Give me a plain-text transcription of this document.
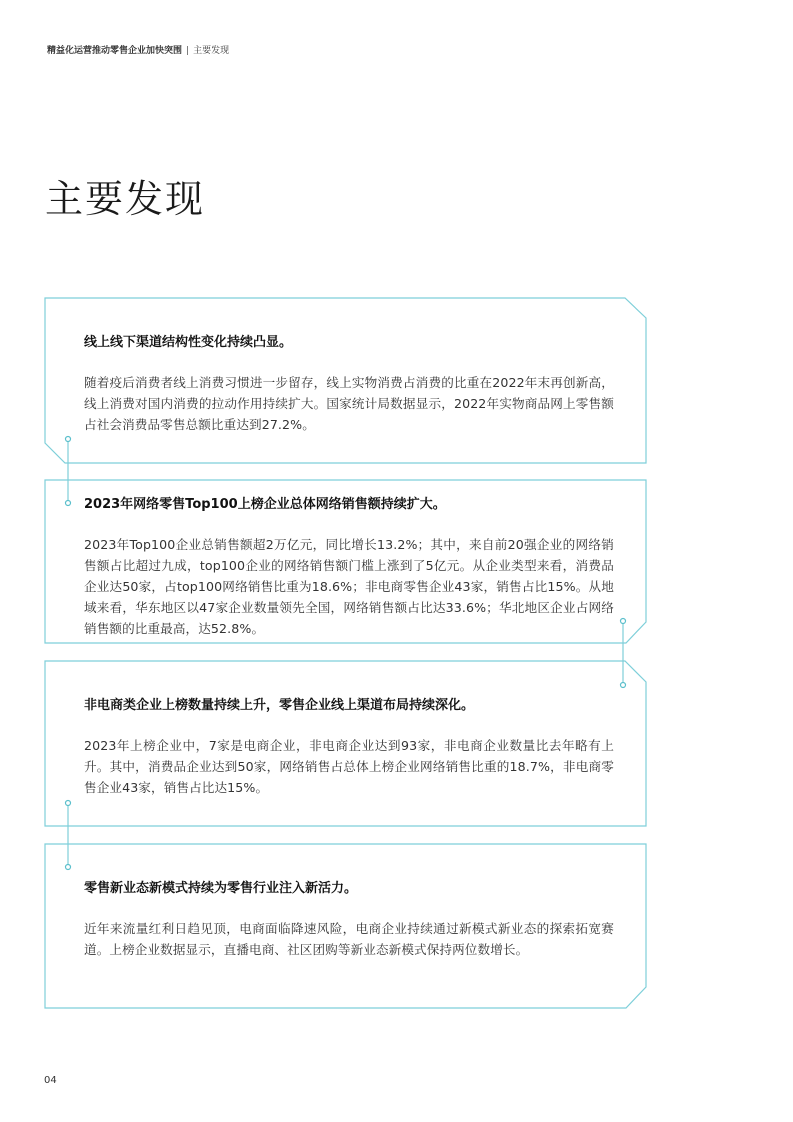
精益化运营推动零售企业加快突围 | 主要发现
主要发现
线上线下渠道结构性变化持续凸显。

随着疫后消费者线上消费习惯进一步留存，线上实物消费占消费的比重在2022年末再创新高，线上消费对国内消费的拉动作用持续扩大。国家统计局数据显示，2022年实物商品网上零售额占社会消费品零售总额比重达到27.2%。

2023年网络零售Top100上榜企业总体网络销售额持续扩大。

2023年Top100企业总销售额超2万亿元，同比增长13.2%；其中，来自前20强企业的网络销售额占比超过九成，top100企业的网络销售额门槛上涨到了5亿元。从企业类型来看，消费品企业达50家，占top100网络销售比重为18.6%；非电商零售企业43家，销售占比15%。从地域来看，华东地区以47家企业数量领先全国，网络销售额占比达33.6%；华北地区企业占网络销售额的比重最高，达52.8%。

非电商类企业上榜数量持续上升，零售企业线上渠道布局持续深化。

2023年上榜企业中，7家是电商企业，非电商企业达到93家，非电商企业数量比去年略有上升。其中，消费品企业达到50家，网络销售占总体上榜企业网络销售比重的18.7%，非电商零售企业43家，销售占比达15%。

零售新业态新模式持续为零售行业注入新活力。

近年来流量红利日趋见顶，电商面临降速风险，电商企业持续通过新模式新业态的探索拓宽赛道。上榜企业数据显示，直播电商、社区团购等新业态新模式保持两位数增长。

04
